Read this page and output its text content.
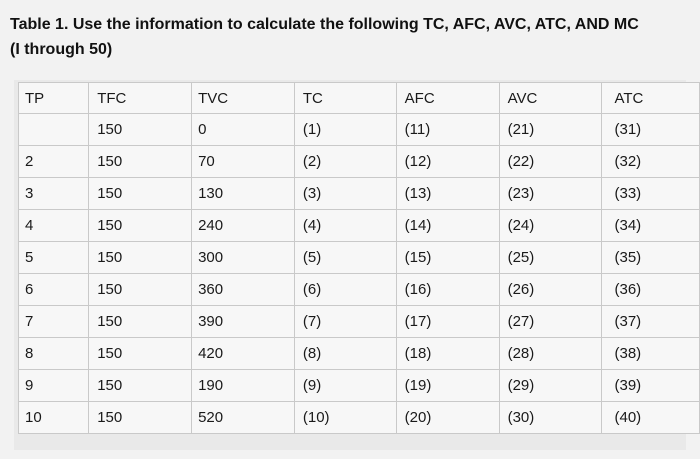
Table 1. Use the information to calculate the following TC, AFC, AVC, ATC, AND MC
(I through 50)
TP	TFC	TVC	TC	AFC	AVC	ATC
	150	0	(1)	(11)	(21)	(31)
2	150	70	(2)	(12)	(22)	(32)
3	150	130	(3)	(13)	(23)	(33)
4	150	240	(4)	(14)	(24)	(34)
5	150	300	(5)	(15)	(25)	(35)
6	150	360	(6)	(16)	(26)	(36)
7	150	390	(7)	(17)	(27)	(37)
8	150	420	(8)	(18)	(28)	(38)
9	150	190	(9)	(19)	(29)	(39)
10	150	520	(10)	(20)	(30)	(40)
